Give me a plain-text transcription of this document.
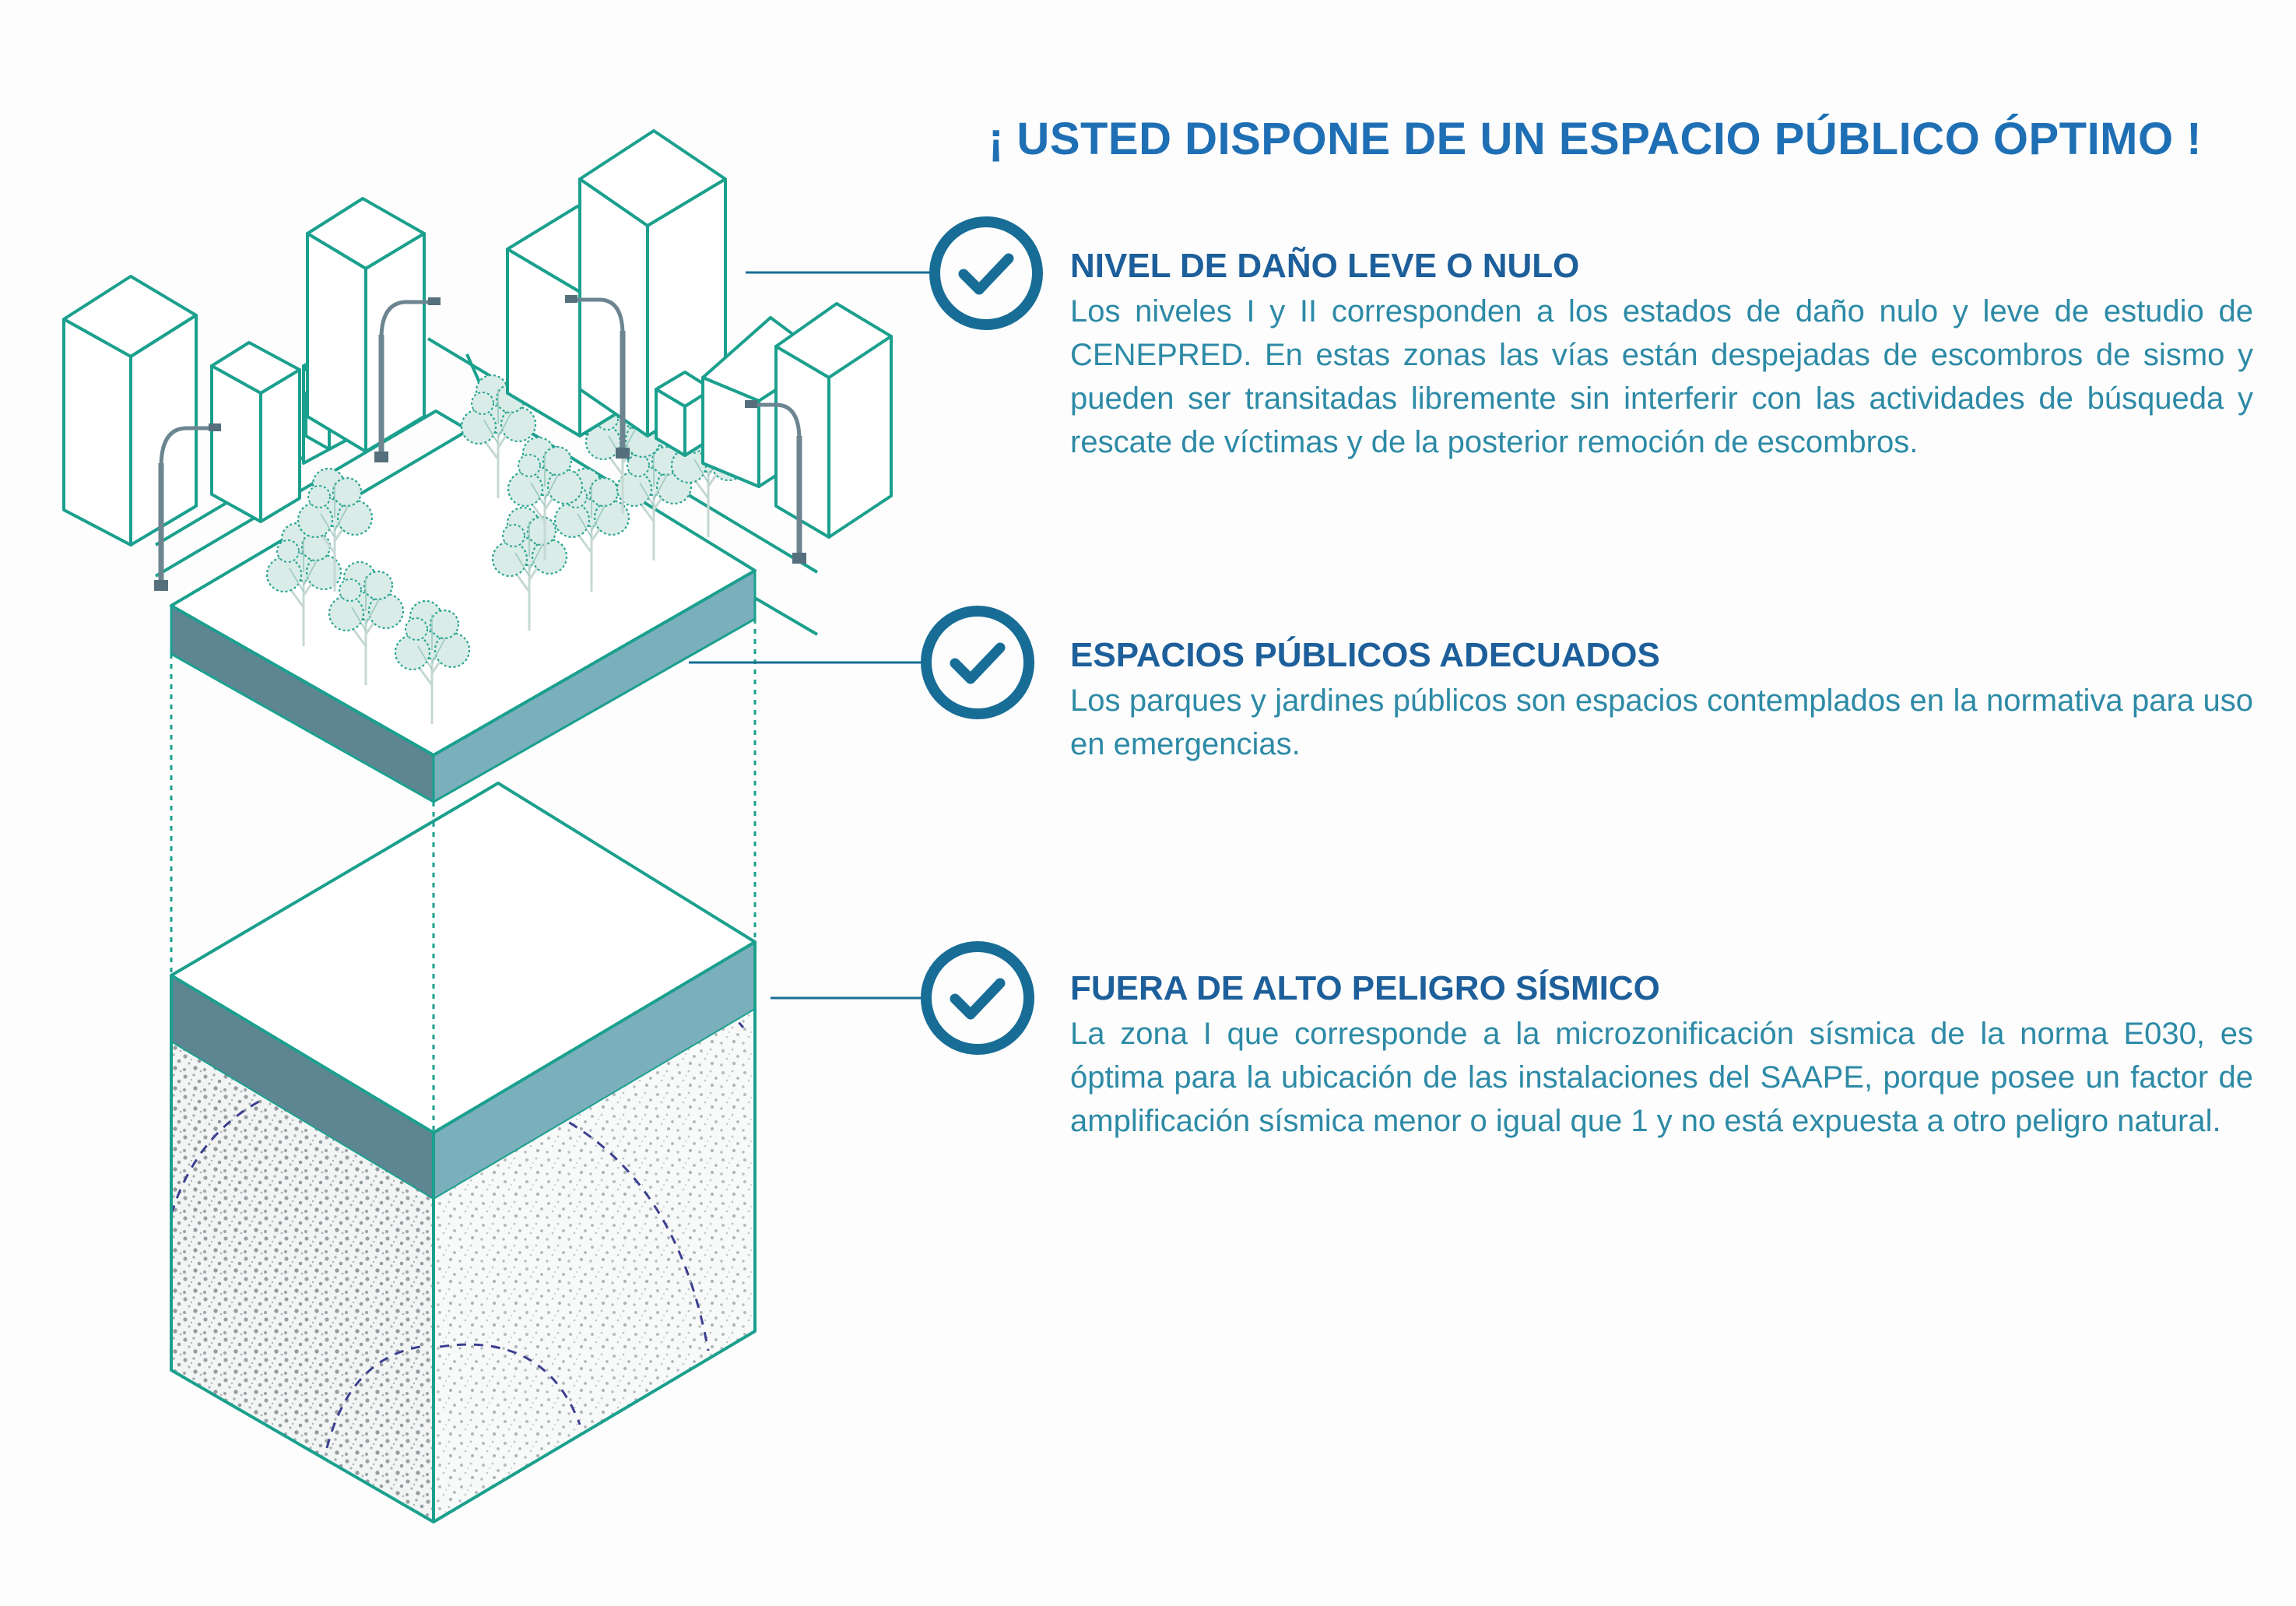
¡ USTED DISPONE DE UN ESPACIO PÚBLICO ÓPTIMO !
NIVEL DE DAÑO LEVE O NULO

Los niveles I y II corresponden a los estados de daño nulo y leve de estudio de CENEPRED. En estas zonas las vías están despejadas de escombros de sismo y pueden ser transitadas libremente sin interferir con las actividades de búsqueda y rescate de víctimas y de la posterior remoción de escombros.

ESPACIOS PÚBLICOS ADECUADOS

Los parques y jardines públicos son espacios contemplados en la normativa para uso en emergencias.

FUERA DE ALTO PELIGRO SÍSMICO

La zona I que corresponde a la microzonificación sísmica de la norma E030, es óptima para la ubicación de las instalaciones del SAAPE, porque posee un factor de amplificación sísmica menor o igual que 1 y no está expuesta a otro peligro natural.
